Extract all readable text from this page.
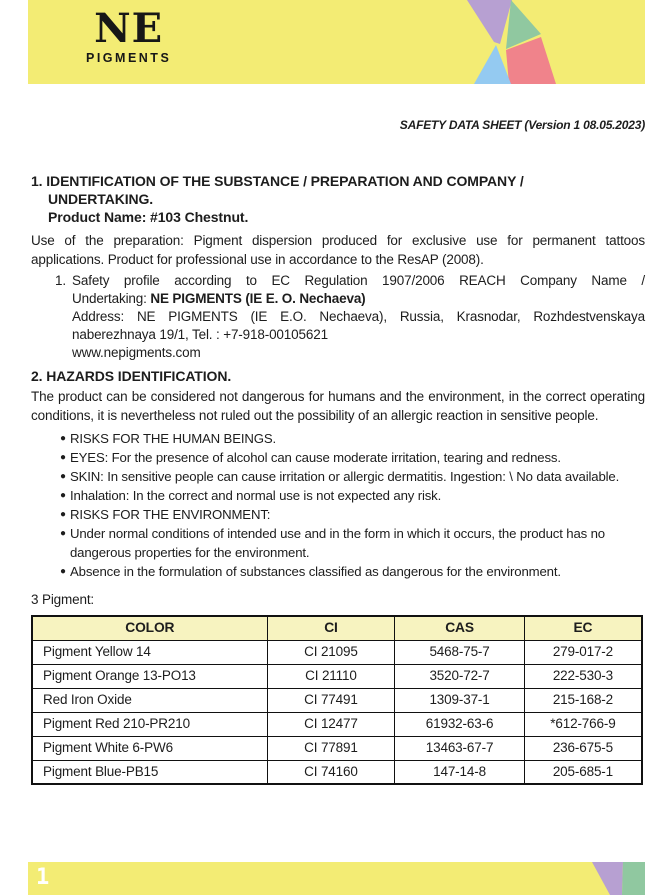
NE
PIGMENTS
SAFETY DATA SHEET (Version 1 08.05.2023)
1. IDENTIFICATION OF THE SUBSTANCE / PREPARATION AND COMPANY /
UNDERTAKING.
Product Name: #103 Chestnut.
Use of the preparation: Pigment dispersion produced for exclusive use for permanent tattoos applications. Product for professional use in accordance to the ResAP (2008).
1. Safety profile according to EC Regulation 1907/2006 REACH Company Name /
Undertaking: NE PIGMENTS (IE E. O. Nechaeva)
Address: NE PIGMENTS (IE E.O. Nechaeva), Russia, Krasnodar, Rozhdestvenskaya
naberezhnaya 19/1, Tel. : +7-918-00105621
www.nepigments.com
2. HAZARDS IDENTIFICATION.
The product can be considered not dangerous for humans and the environment, in the correct operating conditions, it is nevertheless not ruled out the possibility of an allergic reaction in sensitive people.
● RISKS FOR THE HUMAN BEINGS.
● EYES: For the presence of alcohol can cause moderate irritation, tearing and redness.
● SKIN: In sensitive people can cause irritation or allergic dermatitis. Ingestion: \ No data available.
● Inhalation: In the correct and normal use is not expected any risk.
● RISKS FOR THE ENVIRONMENT:
● Under normal conditions of intended use and in the form in which it occurs, the product has no dangerous properties for the environment.
● Absence in the formulation of substances classified as dangerous for the environment.
3 Pigment:
COLOR	CI	CAS	EC
Pigment Yellow 14	CI 21095	5468-75-7	279-017-2
Pigment Orange 13-PO13	CI 21110	3520-72-7	222-530-3
Red Iron Oxide	CI 77491	1309-37-1	215-168-2
Pigment Red 210-PR210	CI 12477	61932-63-6	*612-766-9
Pigment White 6-PW6	CI 77891	13463-67-7	236-675-5
Pigment Blue-PB15	CI 74160	147-14-8	205-685-1
1
